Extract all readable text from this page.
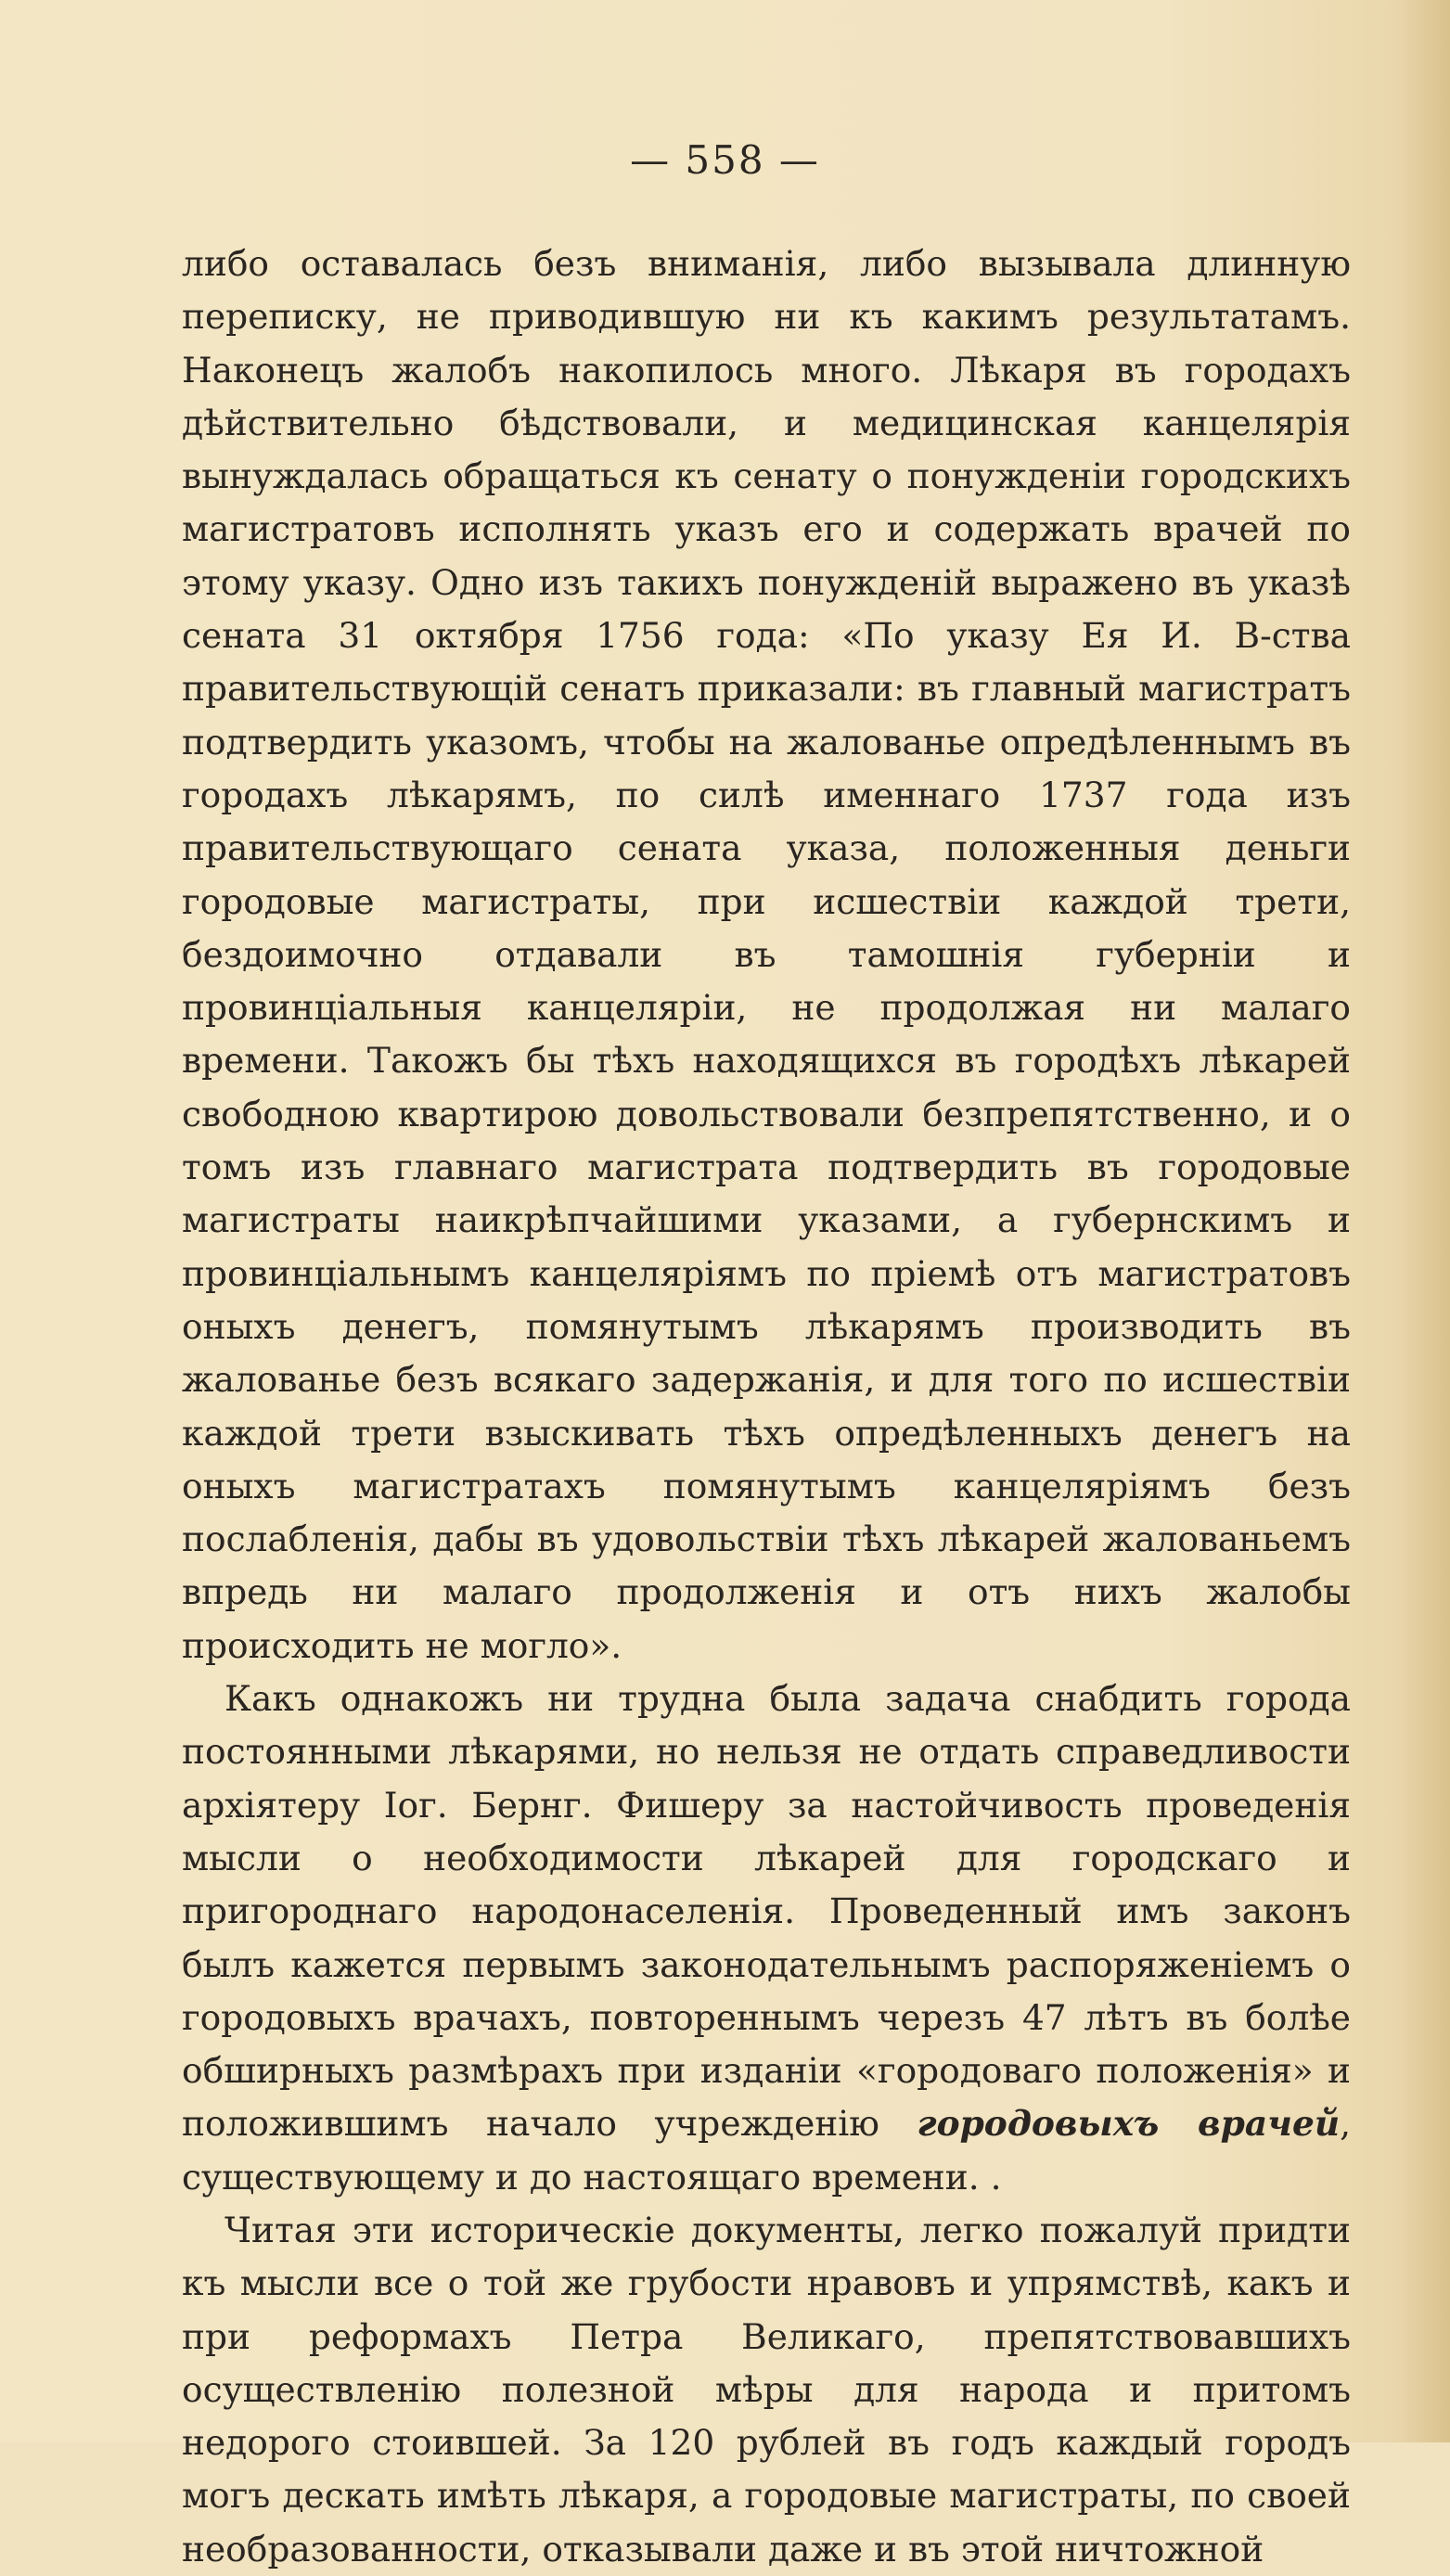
— 558 —

либо оставалась безъ вниманія, либо вызывала длинную переписку, не приводившую ни къ какимъ результатамъ. Наконецъ жалобъ накопилось много. Лѣкаря въ городахъ дѣйствительно бѣдствовали, и медицинская канцелярія вынуждалась обращаться къ сенату о понужденіи городскихъ магистратовъ исполнять указъ его и содержать врачей по этому указу. Одно изъ такихъ понужденій выражено въ указѣ сената 31 октября 1756 года: «По указу Ея И. В-ства правительствующій сенатъ приказали: въ главный магистратъ подтвердить указомъ, чтобы на жалованье опредѣленнымъ въ городахъ лѣкарямъ, по силѣ именнаго 1737 года изъ правительствующаго сената указа, положенныя деньги городовые магистраты, при исшествіи каждой трети, бездоимочно отдавали въ тамошнія губерніи и провинціальныя канцеляріи, не продолжая ни малаго времени. Такожъ бы тѣхъ находящихся въ городѣхъ лѣкарей свободною квартирою довольствовали безпрепятственно, и о томъ изъ главнаго магистрата подтвердить въ городовые магистраты наикрѣпчайшими указами, а губернскимъ и провинціальнымъ канцеляріямъ по пріемѣ отъ магистратовъ оныхъ денегъ, помянутымъ лѣкарямъ производить въ жалованье безъ всякаго задержанія, и для того по исшествіи каждой трети взыскивать тѣхъ опредѣленныхъ денегъ на оныхъ магистратахъ помянутымъ канцеляріямъ безъ послабленія, дабы въ удовольствіи тѣхъ лѣкарей жалованьемъ впредь ни малаго продолженія и отъ нихъ жалобы происходить не могло».

Какъ однакожъ ни трудна была задача снабдить города постоянными лѣкарями, но нельзя не отдать справедливости архіятеру Іог. Бернг. Фишеру за настойчивость проведенія мысли о необходимости лѣкарей для городскаго и пригороднаго народонаселенія. Проведенный имъ законъ былъ кажется первымъ законодательнымъ распоряженіемъ о городовыхъ врачахъ, повтореннымъ черезъ 47 лѣтъ въ болѣе обширныхъ размѣрахъ при изданіи «городоваго положенія» и положившимъ начало учрежденію городовыхъ врачей, существующему и до настоящаго времени. .

Читая эти историческіе документы, легко пожалуй придти къ мысли все о той же грубости нравовъ и упрямствѣ, какъ и при реформахъ Петра Великаго, препятствовавшихъ осуществленію полезной мѣры для народа и притомъ недорого стоившей. За 120 рублей въ годъ каждый городъ могъ дескать имѣть лѣкаря, а городовые магистраты, по своей необразованности, отказывали даже и въ этой ничтожной
